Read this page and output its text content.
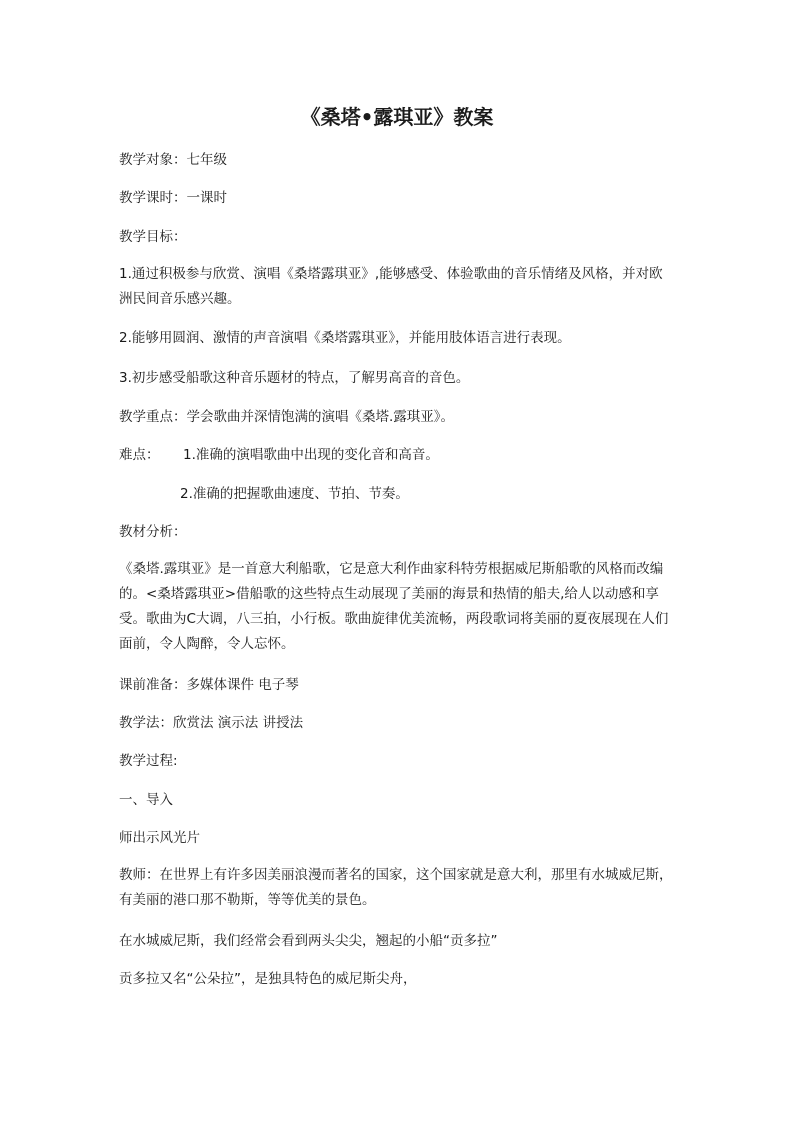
《桑塔•露琪亚》教案
教学对象：七年级
教学课时：一课时
教学目标：
1.通过积极参与欣赏、演唱《桑塔露琪亚》,能够感受、体验歌曲的音乐情绪及风格，并对欧洲民间音乐感兴趣。
2.能够用圆润、激情的声音演唱《桑塔露琪亚》，并能用肢体语言进行表现。
3.初步感受船歌这种音乐题材的特点，了解男高音的音色。
教学重点：学会歌曲并深情饱满的演唱《桑塔.露琪亚》。
难点： 1.准确的演唱歌曲中出现的变化音和高音。
2.准确的把握歌曲速度、节拍、节奏。
教材分析：
《桑塔.露琪亚》是一首意大利船歌，它是意大利作曲家科特劳根据威尼斯船歌的风格而改编的。<桑塔露琪亚>借船歌的这些特点生动展现了美丽的海景和热情的船夫,给人以动感和享受。歌曲为C大调，八三拍，小行板。歌曲旋律优美流畅，两段歌词将美丽的夏夜展现在人们面前，令人陶醉，令人忘怀。
课前准备：多媒体课件 电子琴
教学法：欣赏法 演示法 讲授法
教学过程:
一、导入
师出示风光片
教师：在世界上有许多因美丽浪漫而著名的国家，这个国家就是意大利，那里有水城威尼斯，有美丽的港口那不勒斯，等等优美的景色。
在水城威尼斯，我们经常会看到两头尖尖，翘起的小船“贡多拉”
贡多拉又名“公朵拉”，是独具特色的威尼斯尖舟，
